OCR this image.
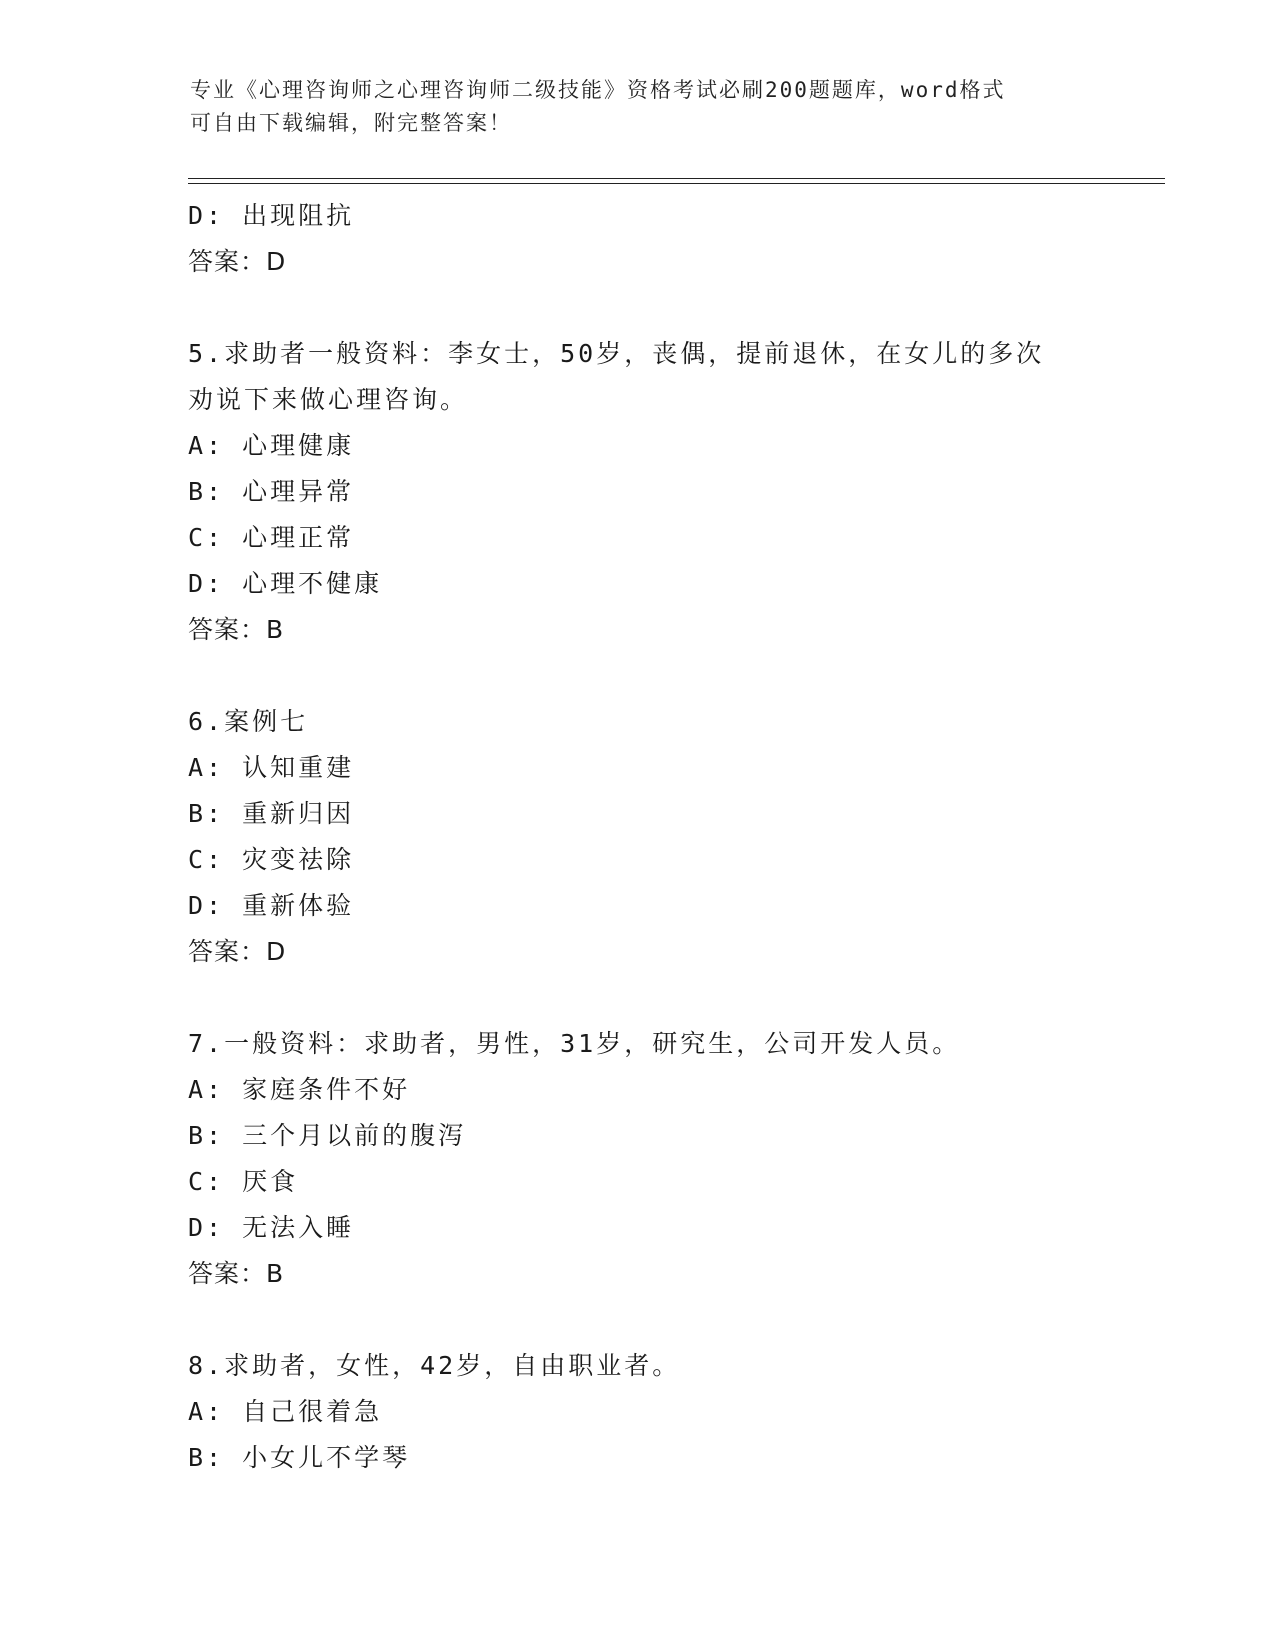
专业《心理咨询师之心理咨询师二级技能》资格考试必刷200题题库，word格式
可自由下载编辑，附完整答案！
D: 出现阻抗
答案：D
5.求助者一般资料：李女士，50岁，丧偶，提前退休，在女儿的多次
劝说下来做心理咨询。
A: 心理健康
B: 心理异常
C: 心理正常
D: 心理不健康
答案：B
6.案例七
A: 认知重建
B: 重新归因
C: 灾变祛除
D: 重新体验
答案：D
7.一般资料：求助者，男性，31岁，研究生，公司开发人员。
A: 家庭条件不好
B: 三个月以前的腹泻
C: 厌食
D: 无法入睡
答案：B
8.求助者，女性，42岁，自由职业者。
A: 自己很着急
B: 小女儿不学琴
